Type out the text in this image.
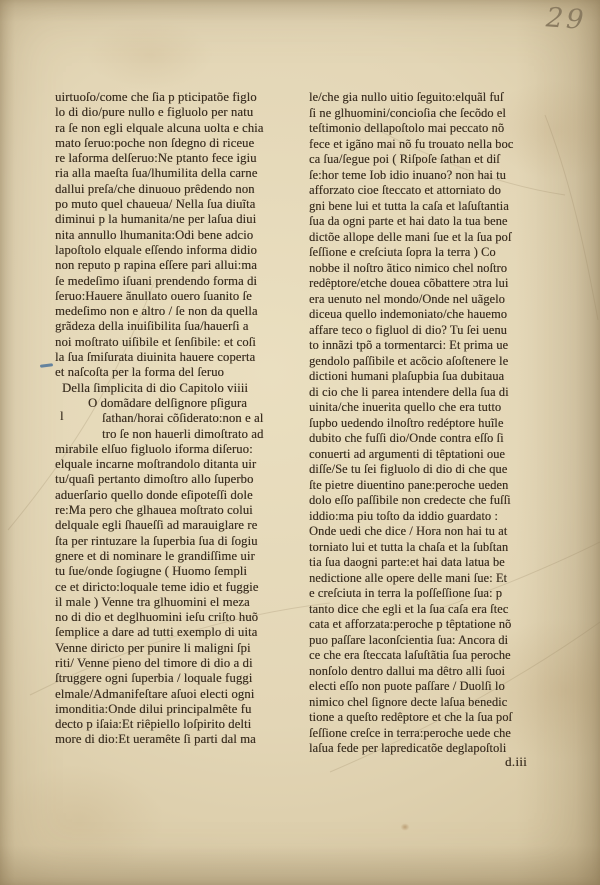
29
uirtuoſo/come che ſia p pticipatõe figlo
lo di dio/pure nullo e figluolo per natu
ra ſe non egli elquale alcuna uolta e chia
mato ſeruo:poche non ſdegno di riceue
re laforma delſeruo:Ne ptanto fece igiu
ria alla maeſta ſua/lhumilita della carne
dallui preſa/che dinuouo prêdendo non
po muto quel chaueua/ Nella ſua diuĩta
diminui p la humanita/ne per laſua diui
nita annullo lhumanita:Odi bene adcio
lapoſtolo elquale eſſendo informa didio
non reputo p rapina eſſere pari allui:ma
ſe medeſimo iſuani prendendo forma di
ſeruo:Hauere ãnullato ouero ſuanito ſe
medeſimo non e altro / ſe non da quella
grãdeza della inuiſibilita ſua/hauerſi a
noi moſtrato uiſibile et ſenſibile: et coſi
la ſua ſmiſurata diuinita hauere coperta
et naſcoſta per la forma del ſeruo
Della ſimplicita di dio Capitolo viiii
O domãdare delſignore pſigura
ſathan/horai cõſiderato:non e al
tro ſe non hauerli dimoſtrato ad
mirabile elſuo figluolo iforma diſeruo:
elquale incarne moſtrandolo ditanta uir
tu/quaſi pertanto dimoſtro allo ſuperbo
aduerſario quello donde eſipoteſſi dole
re:Ma pero che glhauea moſtrato colui
delquale egli ſhaueſſi ad marauiglare re
ſta per rintuzare la ſuperbia ſua di ſogiu
gnere et di nominare le grandiſſime uir
tu ſue/onde ſogiugne ( Huomo ſempli
ce et diricto:loquale teme idio et fuggie
il male ) Venne tra glhuomini el meza
no di dio et deglhuomini ieſu criſto huõ
ſemplice a dare ad tutti exemplo di uita
Venne diricto per punire li maligni ſpi
riti/ Venne pieno del timore di dio a di
ſtruggere ogni ſuperbia / loquale fuggi
elmale/Admanifeſtare aſuoi electi ogni
imonditia:Onde dilui principalmête fu
decto p iſaia:Et riêpiello loſpirito delti
more di dio:Et ueramête ſi parti dal ma
l
le/che gia nullo uitio ſeguito:elquãl fuſ
ſi ne glhuomini/concioſia che ſecõdo el
teſtimonio dellapoſtolo mai peccato nõ
fece et igãno mai nõ fu trouato nella boc
ca ſua/ſegue poi ( Riſpoſe ſathan et diſ
ſe:hor teme Iob idio inuano? non hai tu
afforzato cioe ſteccato et attorniato do
gni bene lui et tutta la caſa et laſuſtantia
ſua da ogni parte et hai dato la tua bene
dictõe allope delle mani ſue et la ſua poſ
ſeſſione e creſciuta ſopra la terra ) Co
nobbe il noſtro ãtico nimico chel noſtro
redêptore/etche douea cõbattere ɔtra lui
era uenuto nel mondo/Onde nel uãgelo
diceua quello indemoniato/che hauemo
affare teco o figluol di dio? Tu ſei uenu
to innãzi tpõ a tormentarci: Et prima ue
gendolo paſſibile et acõcio aſoſtenere le
dictioni humani plaſupbia ſua dubitaua
di cio che li parea intendere della ſua di
uinita/che inuerita quello che era tutto
ſupbo uedendo ilnoſtro redéptore huĩle
dubito che fuſſi dio/Onde contra eſſo ſi
conuerti ad argumenti di têptationi oue
diſſe/Se tu ſei figluolo di dio di che que
ſte pietre diuentino pane:peroche ueden
dolo eſſo paſſibile non credecte che fuſſi
iddio:ma piu toſto da iddio guardato :
Onde uedi che dice / Hora non hai tu at
torniato lui et tutta la chaſa et la ſubſtan
tia ſua daogni parte:et hai data latua be
nedictione alle opere delle mani ſue: Et
e creſciuta in terra la poſſeſſione ſua: p
tanto dice che egli et la ſua caſa era ſtec
cata et afforzata:peroche p têptatione nõ
puo paſſare laconſcientia ſua: Ancora di
ce che era ſteccata laſuſtãtia ſua peroche
nonſolo dentro dallui ma dêtro alli ſuoi
electi eſſo non puote paſſare / Duolſi lo
nimico chel ſignore decte laſua benedic
tione a queſto redêptore et che la ſua poſ
ſeſſione creſce in terra:peroche uede che
laſua fede per lapredicatõe deglapoſtoli
d.iii
